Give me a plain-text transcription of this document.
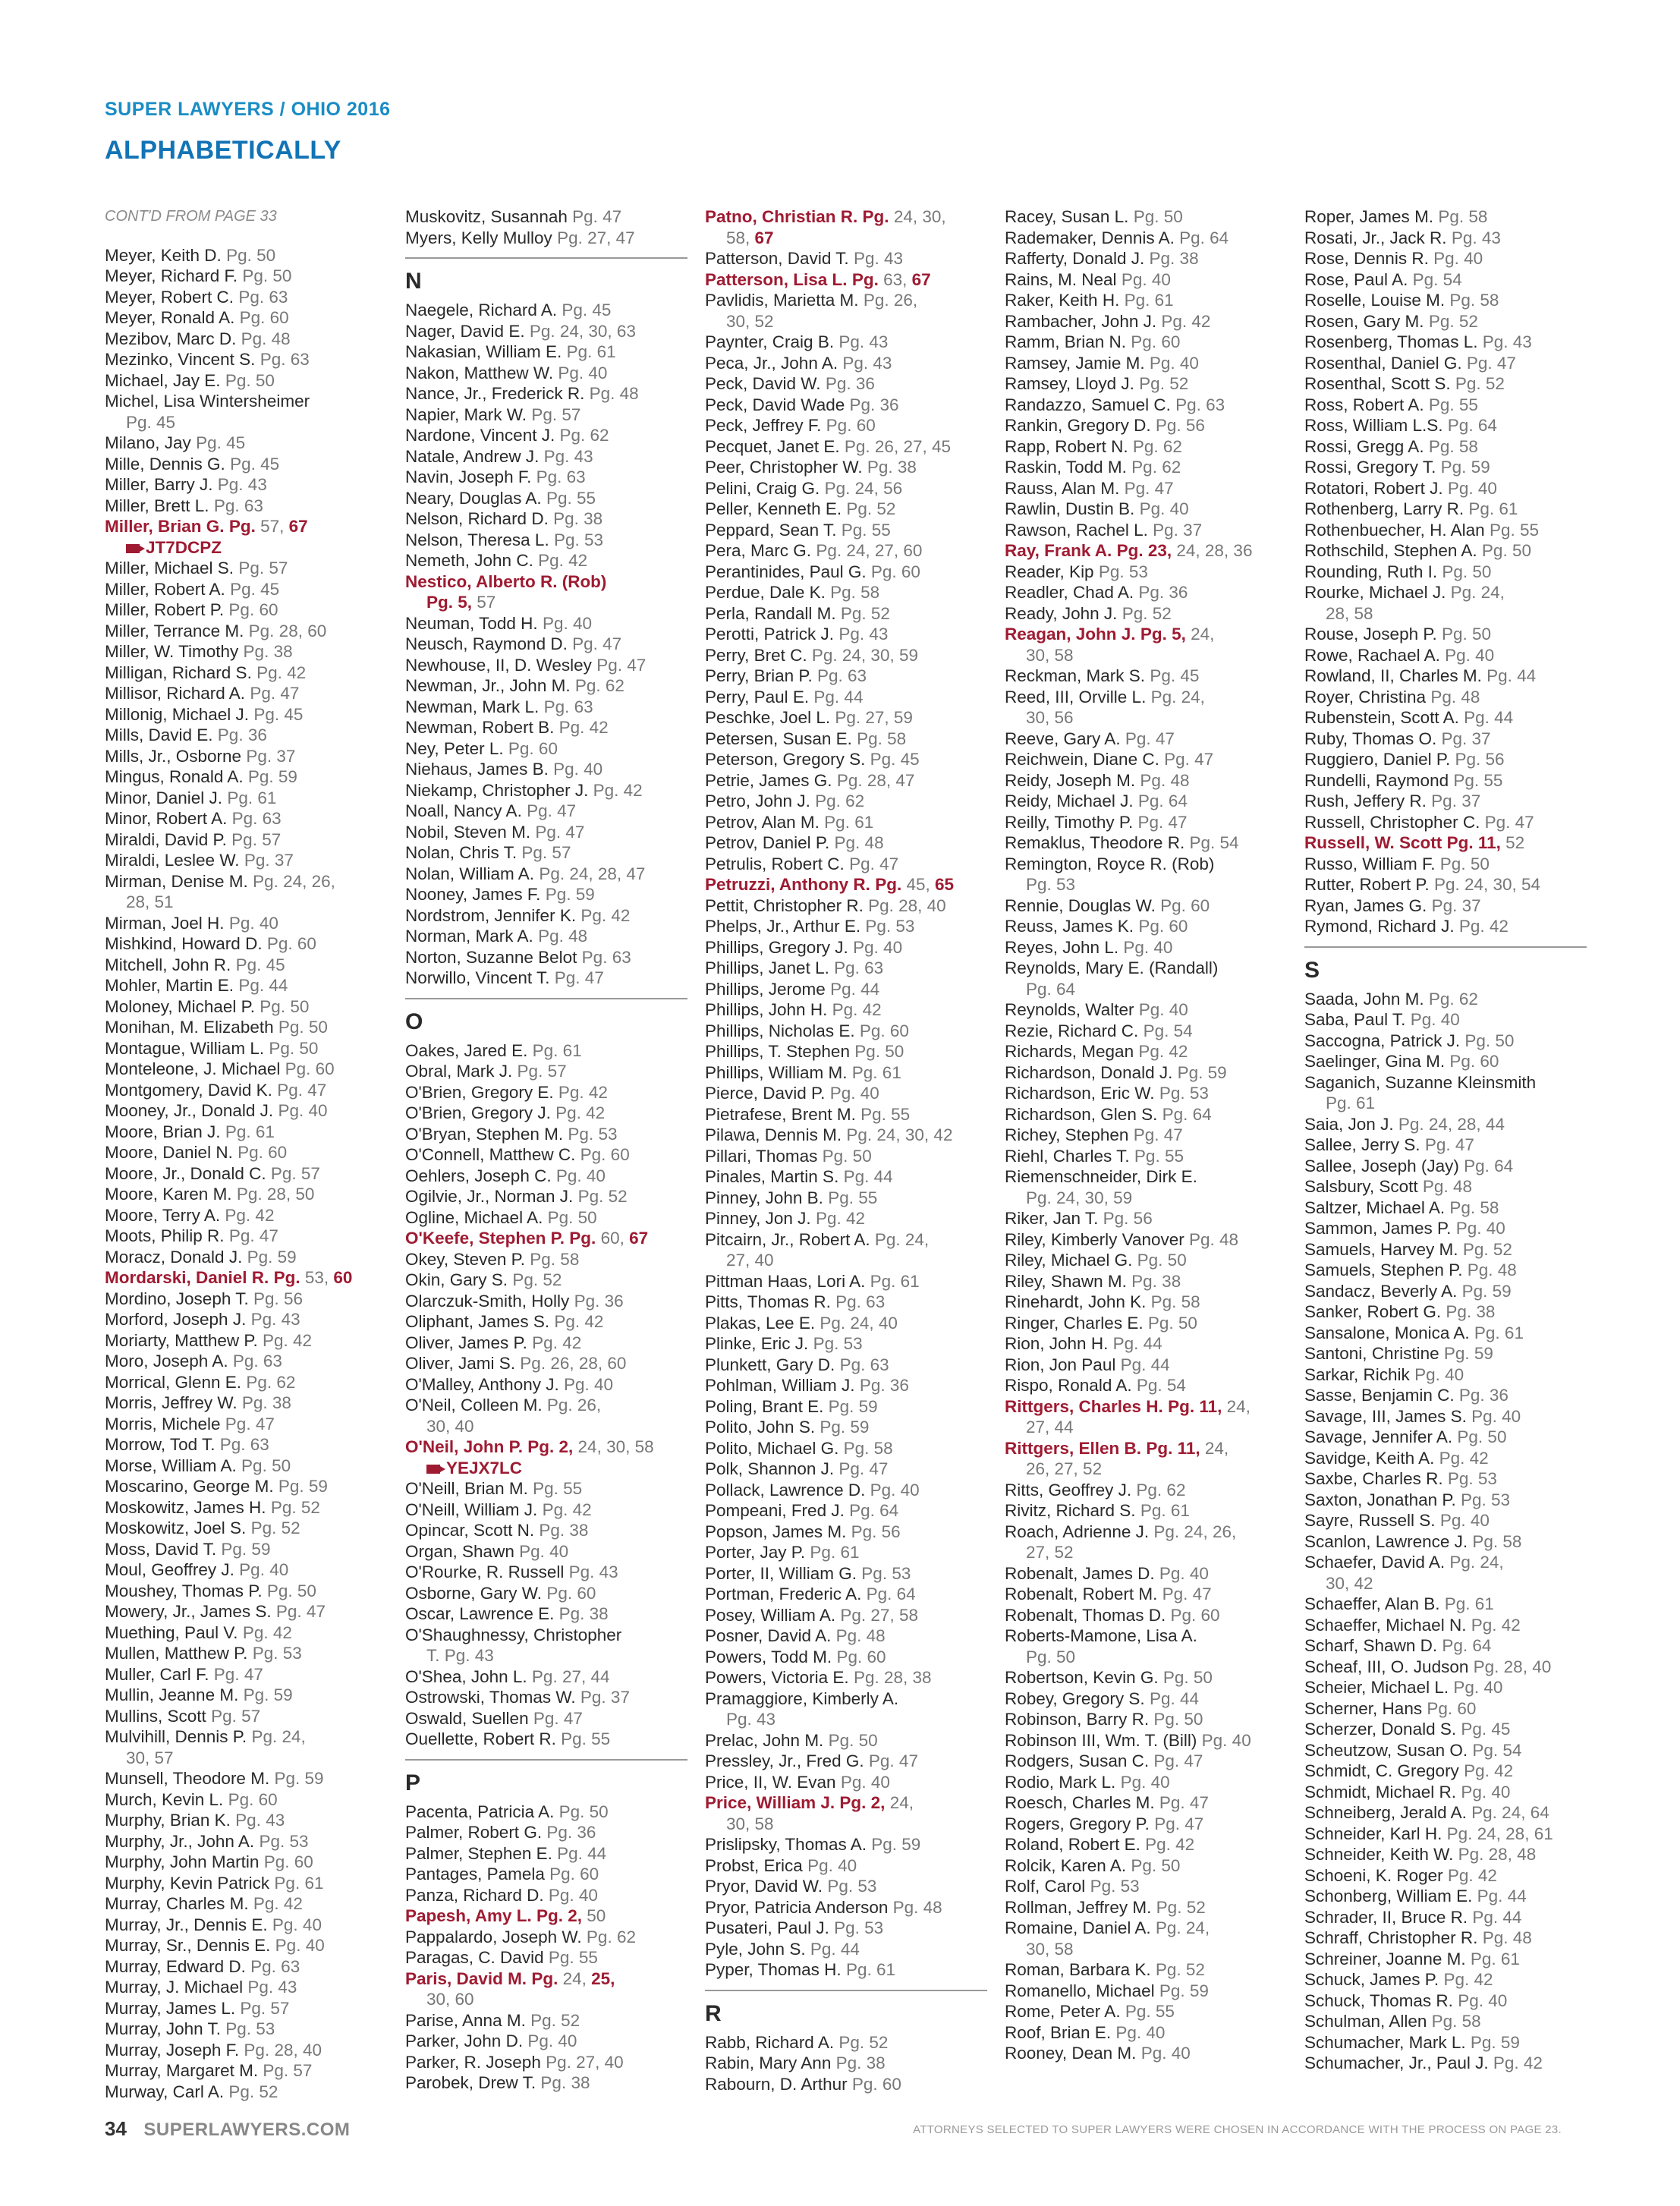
SUPER LAWYERS / OHIO 2016
ALPHABETICALLY
CONT'D FROM PAGE 33
Meyer, Keith D. Pg. 50
Meyer, Richard F. Pg. 50
Meyer, Robert C. Pg. 63
Meyer, Ronald A. Pg. 60
Mezibov, Marc D. Pg. 48
Mezinko, Vincent S. Pg. 63
Michael, Jay E. Pg. 50
Michel, Lisa Wintersheimer
Pg. 45
Milano, Jay Pg. 45
Mille, Dennis G. Pg. 45
Miller, Barry J. Pg. 43
Miller, Brett L. Pg. 63
Miller, Brian G. Pg. 57, 67
JT7DCPZ
Miller, Michael S. Pg. 57
Miller, Robert A. Pg. 45
Miller, Robert P. Pg. 60
Miller, Terrance M. Pg. 28, 60
Miller, W. Timothy Pg. 38
Milligan, Richard S. Pg. 42
Millisor, Richard A. Pg. 47
Millonig, Michael J. Pg. 45
Mills, David E. Pg. 36
Mills, Jr., Osborne Pg. 37
Mingus, Ronald A. Pg. 59
Minor, Daniel J. Pg. 61
Minor, Robert A. Pg. 63
Miraldi, David P. Pg. 57
Miraldi, Leslee W. Pg. 37
Mirman, Denise M. Pg. 24, 26,
28, 51
Mirman, Joel H. Pg. 40
Mishkind, Howard D. Pg. 60
Mitchell, John R. Pg. 45
Mohler, Martin E. Pg. 44
Moloney, Michael P. Pg. 50
Monihan, M. Elizabeth Pg. 50
Montague, William L. Pg. 50
Monteleone, J. Michael Pg. 60
Montgomery, David K. Pg. 47
Mooney, Jr., Donald J. Pg. 40
Moore, Brian J. Pg. 61
Moore, Daniel N. Pg. 60
Moore, Jr., Donald C. Pg. 57
Moore, Karen M. Pg. 28, 50
Moore, Terry A. Pg. 42
Moots, Philip R. Pg. 47
Moracz, Donald J. Pg. 59
Mordarski, Daniel R. Pg. 53, 60
Mordino, Joseph T. Pg. 56
Morford, Joseph J. Pg. 43
Moriarty, Matthew P. Pg. 42
Moro, Joseph A. Pg. 63
Morrical, Glenn E. Pg. 62
Morris, Jeffrey W. Pg. 38
Morris, Michele Pg. 47
Morrow, Tod T. Pg. 63
Morse, William A. Pg. 50
Moscarino, George M. Pg. 59
Moskowitz, James H. Pg. 52
Moskowitz, Joel S. Pg. 52
Moss, David T. Pg. 59
Moul, Geoffrey J. Pg. 40
Moushey, Thomas P. Pg. 50
Mowery, Jr., James S. Pg. 47
Muething, Paul V. Pg. 42
Mullen, Matthew P. Pg. 53
Muller, Carl F. Pg. 47
Mullin, Jeanne M. Pg. 59
Mullins, Scott Pg. 57
Mulvihill, Dennis P. Pg. 24,
30, 57
Munsell, Theodore M. Pg. 59
Murch, Kevin L. Pg. 60
Murphy, Brian K. Pg. 43
Murphy, Jr., John A. Pg. 53
Murphy, John Martin Pg. 60
Murphy, Kevin Patrick Pg. 61
Murray, Charles M. Pg. 42
Murray, Jr., Dennis E. Pg. 40
Murray, Sr., Dennis E. Pg. 40
Murray, Edward D. Pg. 63
Murray, J. Michael Pg. 43
Murray, James L. Pg. 57
Murray, John T. Pg. 53
Murray, Joseph F. Pg. 28, 40
Murray, Margaret M. Pg. 57
Murway, Carl A. Pg. 52
Muskovitz, Susannah Pg. 47
Myers, Kelly Mulloy Pg. 27, 47
N
Naegele, Richard A. Pg. 45
Nager, David E. Pg. 24, 30, 63
Nakasian, William E. Pg. 61
Nakon, Matthew W. Pg. 40
Nance, Jr., Frederick R. Pg. 48
Napier, Mark W. Pg. 57
Nardone, Vincent J. Pg. 62
Natale, Andrew J. Pg. 43
Navin, Joseph F. Pg. 63
Neary, Douglas A. Pg. 55
Nelson, Richard D. Pg. 38
Nelson, Theresa L. Pg. 53
Nemeth, John C. Pg. 42
Nestico, Alberto R. (Rob)
Pg. 5, 57
Neuman, Todd H. Pg. 40
Neusch, Raymond D. Pg. 47
Newhouse, II, D. Wesley Pg. 47
Newman, Jr., John M. Pg. 62
Newman, Mark L. Pg. 63
Newman, Robert B. Pg. 42
Ney, Peter L. Pg. 60
Niehaus, James B. Pg. 40
Niekamp, Christopher J. Pg. 42
Noall, Nancy A. Pg. 47
Nobil, Steven M. Pg. 47
Nolan, Chris T. Pg. 57
Nolan, William A. Pg. 24, 28, 47
Nooney, James F. Pg. 59
Nordstrom, Jennifer K. Pg. 42
Norman, Mark A. Pg. 48
Norton, Suzanne Belot Pg. 63
Norwillo, Vincent T. Pg. 47
O
Oakes, Jared E. Pg. 61
Obral, Mark J. Pg. 57
O'Brien, Gregory E. Pg. 42
O'Brien, Gregory J. Pg. 42
O'Bryan, Stephen M. Pg. 53
O'Connell, Matthew C. Pg. 60
Oehlers, Joseph C. Pg. 40
Ogilvie, Jr., Norman J. Pg. 52
Ogline, Michael A. Pg. 50
O'Keefe, Stephen P. Pg. 60, 67
Okey, Steven P. Pg. 58
Okin, Gary S. Pg. 52
Olarczuk-Smith, Holly Pg. 36
Oliphant, James S. Pg. 42
Oliver, James P. Pg. 42
Oliver, Jami S. Pg. 26, 28, 60
O'Malley, Anthony J. Pg. 40
O'Neil, Colleen M. Pg. 26,
30, 40
O'Neil, John P. Pg. 2, 24, 30, 58
YEJX7LC
O'Neill, Brian M. Pg. 55
O'Neill, William J. Pg. 42
Opincar, Scott N. Pg. 38
Organ, Shawn Pg. 40
O'Rourke, R. Russell Pg. 43
Osborne, Gary W. Pg. 60
Oscar, Lawrence E. Pg. 38
O'Shaughnessy, Christopher
T. Pg. 43
O'Shea, John L. Pg. 27, 44
Ostrowski, Thomas W. Pg. 37
Oswald, Suellen Pg. 47
Ouellette, Robert R. Pg. 55
P
Pacenta, Patricia A. Pg. 50
Palmer, Robert G. Pg. 36
Palmer, Stephen E. Pg. 44
Pantages, Pamela Pg. 60
Panza, Richard D. Pg. 40
Papesh, Amy L. Pg. 2, 50
Pappalardo, Joseph W. Pg. 62
Paragas, C. David Pg. 55
Paris, David M. Pg. 24, 25,
30, 60
Parise, Anna M. Pg. 52
Parker, John D. Pg. 40
Parker, R. Joseph Pg. 27, 40
Parobek, Drew T. Pg. 38
Patno, Christian R. Pg. 24, 30,
58, 67
Patterson, David T. Pg. 43
Patterson, Lisa L. Pg. 63, 67
Pavlidis, Marietta M. Pg. 26,
30, 52
Paynter, Craig B. Pg. 43
Peca, Jr., John A. Pg. 43
Peck, David W. Pg. 36
Peck, David Wade Pg. 36
Peck, Jeffrey F. Pg. 60
Pecquet, Janet E. Pg. 26, 27, 45
Peer, Christopher W. Pg. 38
Pelini, Craig G. Pg. 24, 56
Peller, Kenneth E. Pg. 52
Peppard, Sean T. Pg. 55
Pera, Marc G. Pg. 24, 27, 60
Perantinides, Paul G. Pg. 60
Perdue, Dale K. Pg. 58
Perla, Randall M. Pg. 52
Perotti, Patrick J. Pg. 43
Perry, Bret C. Pg. 24, 30, 59
Perry, Brian P. Pg. 63
Perry, Paul E. Pg. 44
Peschke, Joel L. Pg. 27, 59
Petersen, Susan E. Pg. 58
Peterson, Gregory S. Pg. 45
Petrie, James G. Pg. 28, 47
Petro, John J. Pg. 62
Petrov, Alan M. Pg. 61
Petrov, Daniel P. Pg. 48
Petrulis, Robert C. Pg. 47
Petruzzi, Anthony R. Pg. 45, 65
Pettit, Christopher R. Pg. 28, 40
Phelps, Jr., Arthur E. Pg. 53
Phillips, Gregory J. Pg. 40
Phillips, Janet L. Pg. 63
Phillips, Jerome Pg. 44
Phillips, John H. Pg. 42
Phillips, Nicholas E. Pg. 60
Phillips, T. Stephen Pg. 50
Phillips, William M. Pg. 61
Pierce, David P. Pg. 40
Pietrafese, Brent M. Pg. 55
Pilawa, Dennis M. Pg. 24, 30, 42
Pillari, Thomas Pg. 50
Pinales, Martin S. Pg. 44
Pinney, John B. Pg. 55
Pinney, Jon J. Pg. 42
Pitcairn, Jr., Robert A. Pg. 24,
27, 40
Pittman Haas, Lori A. Pg. 61
Pitts, Thomas R. Pg. 63
Plakas, Lee E. Pg. 24, 40
Plinke, Eric J. Pg. 53
Plunkett, Gary D. Pg. 63
Pohlman, William J. Pg. 36
Poling, Brant E. Pg. 59
Polito, John S. Pg. 59
Polito, Michael G. Pg. 58
Polk, Shannon J. Pg. 47
Pollack, Lawrence D. Pg. 40
Pompeani, Fred J. Pg. 64
Popson, James M. Pg. 56
Porter, Jay P. Pg. 61
Porter, II, William G. Pg. 53
Portman, Frederic A. Pg. 64
Posey, William A. Pg. 27, 58
Posner, David A. Pg. 48
Powers, Todd M. Pg. 60
Powers, Victoria E. Pg. 28, 38
Pramaggiore, Kimberly A.
Pg. 43
Prelac, John M. Pg. 50
Pressley, Jr., Fred G. Pg. 47
Price, II, W. Evan Pg. 40
Price, William J. Pg. 2, 24,
30, 58
Prislipsky, Thomas A. Pg. 59
Probst, Erica Pg. 40
Pryor, David W. Pg. 53
Pryor, Patricia Anderson Pg. 48
Pusateri, Paul J. Pg. 53
Pyle, John S. Pg. 44
Pyper, Thomas H. Pg. 61
R
Rabb, Richard A. Pg. 52
Rabin, Mary Ann Pg. 38
Rabourn, D. Arthur Pg. 60
Racey, Susan L. Pg. 50
Rademaker, Dennis A. Pg. 64
Rafferty, Donald J. Pg. 38
Rains, M. Neal Pg. 40
Raker, Keith H. Pg. 61
Rambacher, John J. Pg. 42
Ramm, Brian N. Pg. 60
Ramsey, Jamie M. Pg. 40
Ramsey, Lloyd J. Pg. 52
Randazzo, Samuel C. Pg. 63
Rankin, Gregory D. Pg. 56
Rapp, Robert N. Pg. 62
Raskin, Todd M. Pg. 62
Rauss, Alan M. Pg. 47
Rawlin, Dustin B. Pg. 40
Rawson, Rachel L. Pg. 37
Ray, Frank A. Pg. 23, 24, 28, 36
Reader, Kip Pg. 53
Readler, Chad A. Pg. 36
Ready, John J. Pg. 52
Reagan, John J. Pg. 5, 24,
30, 58
Reckman, Mark S. Pg. 45
Reed, III, Orville L. Pg. 24,
30, 56
Reeve, Gary A. Pg. 47
Reichwein, Diane C. Pg. 47
Reidy, Joseph M. Pg. 48
Reidy, Michael J. Pg. 64
Reilly, Timothy P. Pg. 47
Remaklus, Theodore R. Pg. 54
Remington, Royce R. (Rob)
Pg. 53
Rennie, Douglas W. Pg. 60
Reuss, James K. Pg. 60
Reyes, John L. Pg. 40
Reynolds, Mary E. (Randall)
Pg. 64
Reynolds, Walter Pg. 40
Rezie, Richard C. Pg. 54
Richards, Megan Pg. 42
Richardson, Donald J. Pg. 59
Richardson, Eric W. Pg. 53
Richardson, Glen S. Pg. 64
Richey, Stephen Pg. 47
Riehl, Charles T. Pg. 55
Riemenschneider, Dirk E.
Pg. 24, 30, 59
Riker, Jan T. Pg. 56
Riley, Kimberly Vanover Pg. 48
Riley, Michael G. Pg. 50
Riley, Shawn M. Pg. 38
Rinehardt, John K. Pg. 58
Ringer, Charles E. Pg. 50
Rion, John H. Pg. 44
Rion, Jon Paul Pg. 44
Rispo, Ronald A. Pg. 54
Rittgers, Charles H. Pg. 11, 24,
27, 44
Rittgers, Ellen B. Pg. 11, 24,
26, 27, 52
Ritts, Geoffrey J. Pg. 62
Rivitz, Richard S. Pg. 61
Roach, Adrienne J. Pg. 24, 26,
27, 52
Robenalt, James D. Pg. 40
Robenalt, Robert M. Pg. 47
Robenalt, Thomas D. Pg. 60
Roberts-Mamone, Lisa A.
Pg. 50
Robertson, Kevin G. Pg. 50
Robey, Gregory S. Pg. 44
Robinson, Barry R. Pg. 50
Robinson III, Wm. T. (Bill) Pg. 40
Rodgers, Susan C. Pg. 47
Rodio, Mark L. Pg. 40
Roesch, Charles M. Pg. 47
Rogers, Gregory P. Pg. 47
Roland, Robert E. Pg. 42
Rolcik, Karen A. Pg. 50
Rolf, Carol Pg. 53
Rollman, Jeffrey M. Pg. 52
Romaine, Daniel A. Pg. 24,
30, 58
Roman, Barbara K. Pg. 52
Romanello, Michael Pg. 59
Rome, Peter A. Pg. 55
Roof, Brian E. Pg. 40
Rooney, Dean M. Pg. 40
Roper, James M. Pg. 58
Rosati, Jr., Jack R. Pg. 43
Rose, Dennis R. Pg. 40
Rose, Paul A. Pg. 54
Roselle, Louise M. Pg. 58
Rosen, Gary M. Pg. 52
Rosenberg, Thomas L. Pg. 43
Rosenthal, Daniel G. Pg. 47
Rosenthal, Scott S. Pg. 52
Ross, Robert A. Pg. 55
Ross, William L.S. Pg. 64
Rossi, Gregg A. Pg. 58
Rossi, Gregory T. Pg. 59
Rotatori, Robert J. Pg. 40
Rothenberg, Larry R. Pg. 61
Rothenbuecher, H. Alan Pg. 55
Rothschild, Stephen A. Pg. 50
Rounding, Ruth I. Pg. 50
Rourke, Michael J. Pg. 24,
28, 58
Rouse, Joseph P. Pg. 50
Rowe, Rachael A. Pg. 40
Rowland, II, Charles M. Pg. 44
Royer, Christina Pg. 48
Rubenstein, Scott A. Pg. 44
Ruby, Thomas O. Pg. 37
Ruggiero, Daniel P. Pg. 56
Rundelli, Raymond Pg. 55
Rush, Jeffery R. Pg. 37
Russell, Christopher C. Pg. 47
Russell, W. Scott Pg. 11, 52
Russo, William F. Pg. 50
Rutter, Robert P. Pg. 24, 30, 54
Ryan, James G. Pg. 37
Rymond, Richard J. Pg. 42
S
Saada, John M. Pg. 62
Saba, Paul T. Pg. 40
Saccogna, Patrick J. Pg. 50
Saelinger, Gina M. Pg. 60
Saganich, Suzanne Kleinsmith
Pg. 61
Saia, Jon J. Pg. 24, 28, 44
Sallee, Jerry S. Pg. 47
Sallee, Joseph (Jay) Pg. 64
Salsbury, Scott Pg. 48
Saltzer, Michael A. Pg. 58
Sammon, James P. Pg. 40
Samuels, Harvey M. Pg. 52
Samuels, Stephen P. Pg. 48
Sandacz, Beverly A. Pg. 59
Sanker, Robert G. Pg. 38
Sansalone, Monica A. Pg. 61
Santoni, Christine Pg. 59
Sarkar, Richik Pg. 40
Sasse, Benjamin C. Pg. 36
Savage, III, James S. Pg. 40
Savage, Jennifer A. Pg. 50
Savidge, Keith A. Pg. 42
Saxbe, Charles R. Pg. 53
Saxton, Jonathan P. Pg. 53
Sayre, Russell S. Pg. 40
Scanlon, Lawrence J. Pg. 58
Schaefer, David A. Pg. 24,
30, 42
Schaeffer, Alan B. Pg. 61
Schaeffer, Michael N. Pg. 42
Scharf, Shawn D. Pg. 64
Scheaf, III, O. Judson Pg. 28, 40
Scheier, Michael L. Pg. 40
Scherner, Hans Pg. 60
Scherzer, Donald S. Pg. 45
Scheutzow, Susan O. Pg. 54
Schmidt, C. Gregory Pg. 42
Schmidt, Michael R. Pg. 40
Schneiberg, Jerald A. Pg. 24, 64
Schneider, Karl H. Pg. 24, 28, 61
Schneider, Keith W. Pg. 28, 48
Schoeni, K. Roger Pg. 42
Schonberg, William E. Pg. 44
Schrader, II, Bruce R. Pg. 44
Schraff, Christopher R. Pg. 48
Schreiner, Joanne M. Pg. 61
Schuck, James P. Pg. 42
Schuck, Thomas R. Pg. 40
Schulman, Allen Pg. 58
Schumacher, Mark L. Pg. 59
Schumacher, Jr., Paul J. Pg. 42
34 SUPERLAWYERS.COM	ATTORNEYS SELECTED TO SUPER LAWYERS WERE CHOSEN IN ACCORDANCE WITH THE PROCESS ON PAGE 23.
